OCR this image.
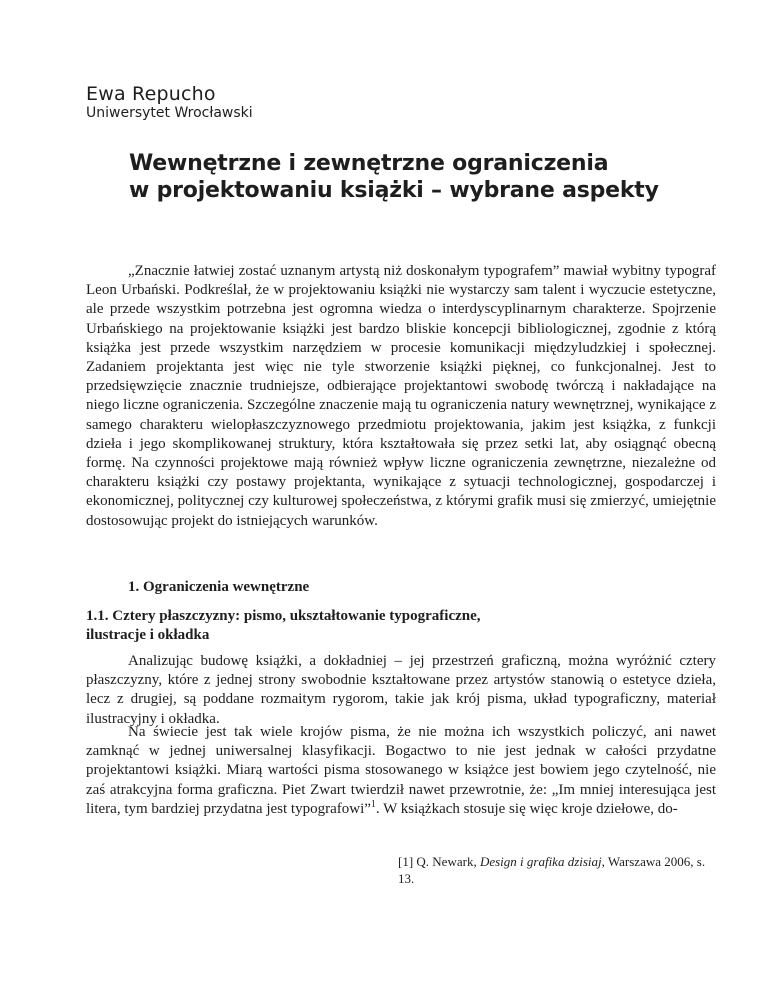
Ewa Repucho

Uniwersytet Wrocławski

Wewnętrzne i zewnętrzne ograniczenia
w projektowaniu książki – wybrane aspekty

„Znacznie łatwiej zostać uznanym artystą niż doskonałym typografem” mawiał wybitny typograf Leon Urbański. Podkreślał, że w projektowaniu książki nie wystarczy sam talent i wyczucie estetyczne, ale przede wszystkim potrzebna jest ogromna wiedza o interdyscyplinarnym charakterze. Spojrzenie Urbańskiego na projektowanie książki jest bardzo bliskie koncepcji bibliologicznej, zgodnie z którą książka jest przede wszystkim narzędziem w procesie komunikacji międzyludzkiej i społecznej. Zadaniem projektanta jest więc nie tyle stworzenie książki pięknej, co funkcjonalnej. Jest to przedsięwzięcie znacznie trudniejsze, odbierające projektantowi swobodę twórczą i nakładające na niego liczne ograniczenia. Szczególne znaczenie mają tu ograniczenia natury wewnętrznej, wynikające z samego charakteru wielopłaszczyznowego przedmiotu projektowania, jakim jest książka, z funkcji dzieła i jego skomplikowanej struktury, która kształtowała się przez setki lat, aby osiągnąć obecną formę. Na czynności projektowe mają również wpływ liczne ograniczenia zewnętrzne, niezależne od charakteru książki czy postawy projektanta, wynikające z sytuacji technologicznej, gospodarczej i ekonomicznej, politycznej czy kulturowej społeczeństwa, z którymi grafik musi się zmierzyć, umiejętnie dostosowując projekt do istniejących warunków.

1. Ograniczenia wewnętrzne
1.1. Cztery płaszczyzny: pismo, ukształtowanie typograficzne,
ilustracje i okładka

Analizując budowę książki, a dokładniej – jej przestrzeń graficzną, można wyróżnić cztery płaszczyzny, które z jednej strony swobodnie kształtowane przez artystów stanowią o estetyce dzieła, lecz z drugiej, są poddane rozmaitym rygorom, takie jak krój pisma, układ typograficzny, materiał ilustracyjny i okładka.

Na świecie jest tak wiele krojów pisma, że nie można ich wszystkich policzyć, ani nawet zamknąć w jednej uniwersalnej klasyfikacji. Bogactwo to nie jest jednak w całości przydatne projektantowi książki. Miarą wartości pisma stosowanego w książce jest bowiem jego czytelność, nie zaś atrakcyjna forma graficzna. Piet Zwart twierdził nawet przewrotnie, że: „Im mniej interesująca jest litera, tym bardziej przydatna jest typografowi”$^1$. W książkach stosuje się więc kroje dziełowe, do-

[1] Q. Newark, Design i grafika dzisiaj, Warszawa 2006, s. 13.
